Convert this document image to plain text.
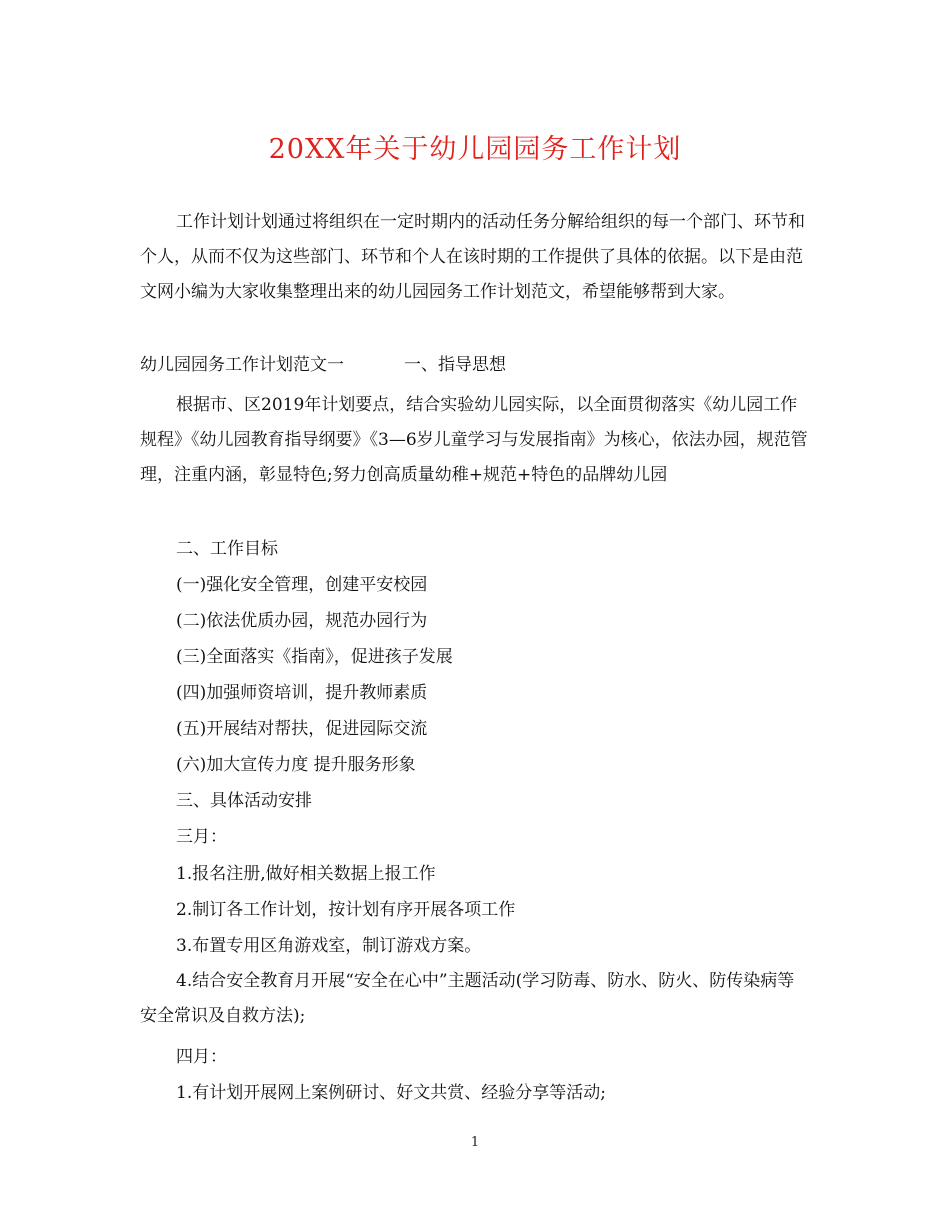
20XX年关于幼儿园园务工作计划
工作计划计划通过将组织在一定时期内的活动任务分解给组织的每一个部门、环节和个人，从而不仅为这些部门、环节和个人在该时期的工作提供了具体的依据。以下是由范文网小编为大家收集整理出来的幼儿园园务工作计划范文，希望能够帮到大家。
幼儿园园务工作计划范文一	一、指导思想
根据市、区2019年计划要点，结合实验幼儿园实际，以全面贯彻落实《幼儿园工作规程》《幼儿园教育指导纲要》《3—6岁儿童学习与发展指南》为核心，依法办园，规范管理，注重内涵，彰显特色;努力创高质量幼稚+规范+特色的品牌幼儿园
二、工作目标
(一)强化安全管理，创建平安校园
(二)依法优质办园，规范办园行为
(三)全面落实《指南》，促进孩子发展
(四)加强师资培训，提升教师素质
(五)开展结对帮扶，促进园际交流
(六)加大宣传力度 提升服务形象
三、具体活动安排
三月：
1.报名注册,做好相关数据上报工作
2.制订各工作计划，按计划有序开展各项工作
3.布置专用区角游戏室，制订游戏方案。
4.结合安全教育月开展“安全在心中”主题活动(学习防毒、防水、防火、防传染病等安全常识及自救方法);
四月：
1.有计划开展网上案例研讨、好文共赏、经验分享等活动;
1
